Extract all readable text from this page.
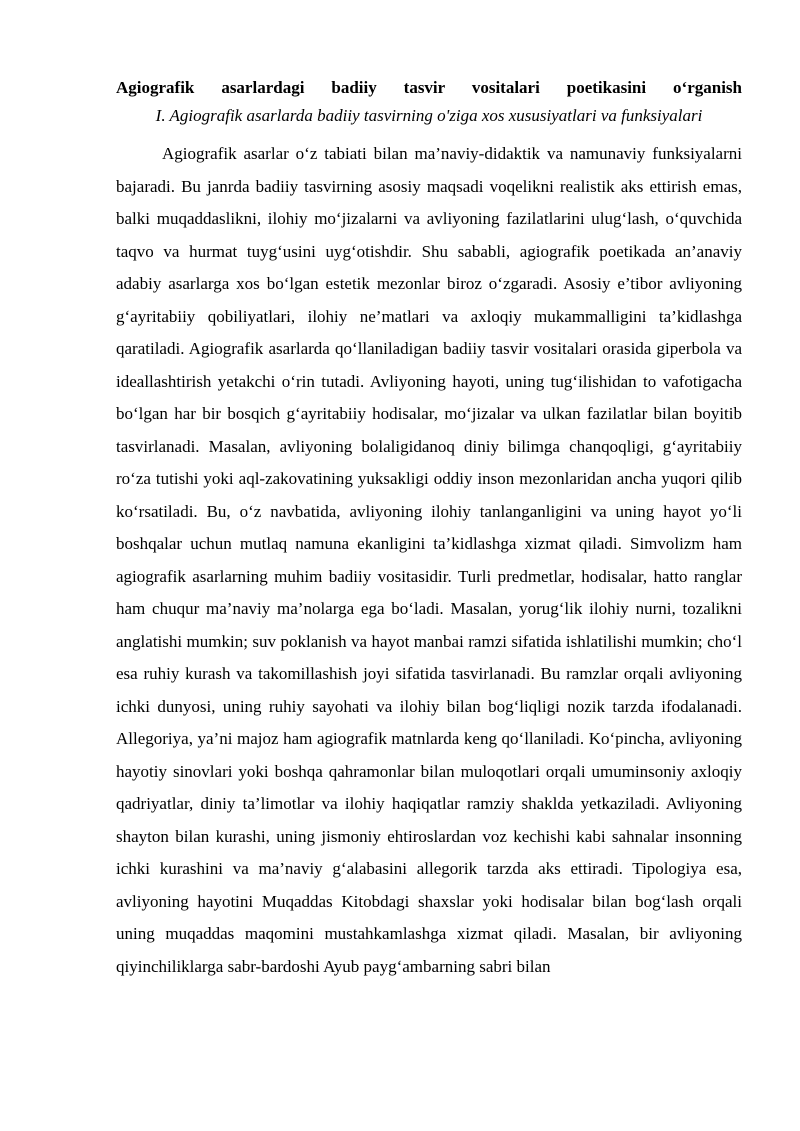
Agiografik asarlardagi badiiy tasvir vositalari poetikasini o‘rganish
I. Agiografik asarlarda badiiy tasvirning o'ziga xos xususiyatlari va funksiyalari

Agiografik asarlar o‘z tabiati bilan ma’naviy-didaktik va namunaviy funksiyalarni bajaradi. Bu janrda badiiy tasvirning asosiy maqsadi voqelikni realistik aks ettirish emas, balki muqaddaslikni, ilohiy mo‘jizalarni va avliyoning fazilatlarini ulug‘lash, o‘quvchida taqvo va hurmat tuyg‘usini uyg‘otishdir. Shu sababli, agiografik poetikada an’anaviy adabiy asarlarga xos bo‘lgan estetik mezonlar biroz o‘zgaradi. Asosiy e’tibor avliyoning g‘ayritabiiy qobiliyatlari, ilohiy ne’matlari va axloqiy mukammalligini ta’kidlashga qaratiladi. Agiografik asarlarda qo‘llaniladigan badiiy tasvir vositalari orasida giperbola va ideallashtirish yetakchi o‘rin tutadi. Avliyoning hayoti, uning tug‘ilishidan to vafotigacha bo‘lgan har bir bosqich g‘ayritabiiy hodisalar, mo‘jizalar va ulkan fazilatlar bilan boyitib tasvirlanadi. Masalan, avliyoning bolaligidanoq diniy bilimga chanqoqligi, g‘ayritabiiy ro‘za tutishi yoki aql-zakovatining yuksakligi oddiy inson mezonlaridan ancha yuqori qilib ko‘rsatiladi. Bu, o‘z navbatida, avliyoning ilohiy tanlanganligini va uning hayot yo‘li boshqalar uchun mutlaq namuna ekanligini ta’kidlashga xizmat qiladi. Simvolizm ham agiografik asarlarning muhim badiiy vositasidir. Turli predmetlar, hodisalar, hatto ranglar ham chuqur ma’naviy ma’nolarga ega bo‘ladi. Masalan, yorug‘lik ilohiy nurni, tozalikni anglatishi mumkin; suv poklanish va hayot manbai ramzi sifatida ishlatilishi mumkin; cho‘l esa ruhiy kurash va takomillashish joyi sifatida tasvirlanadi. Bu ramzlar orqali avliyoning ichki dunyosi, uning ruhiy sayohati va ilohiy bilan bog‘liqligi nozik tarzda ifodalanadi. Allegoriya, ya’ni majoz ham agiografik matnlarda keng qo‘llaniladi. Ko‘pincha, avliyoning hayotiy sinovlari yoki boshqa qahramonlar bilan muloqotlari orqali umuminsoniy axloqiy qadriyatlar, diniy ta’limotlar va ilohiy haqiqatlar ramziy shaklda yetkaziladi. Avliyoning shayton bilan kurashi, uning jismoniy ehtiroslardan voz kechishi kabi sahnalar insonning ichki kurashini va ma’naviy g‘alabasini allegorik tarzda aks ettiradi. Tipologiya esa, avliyoning hayotini Muqaddas Kitobdagi shaxslar yoki hodisalar bilan bog‘lash orqali uning muqaddas maqomini mustahkamlashga xizmat qiladi. Masalan, bir avliyoning qiyinchiliklarga sabr-bardoshi Ayub payg‘ambarning sabri bilan
